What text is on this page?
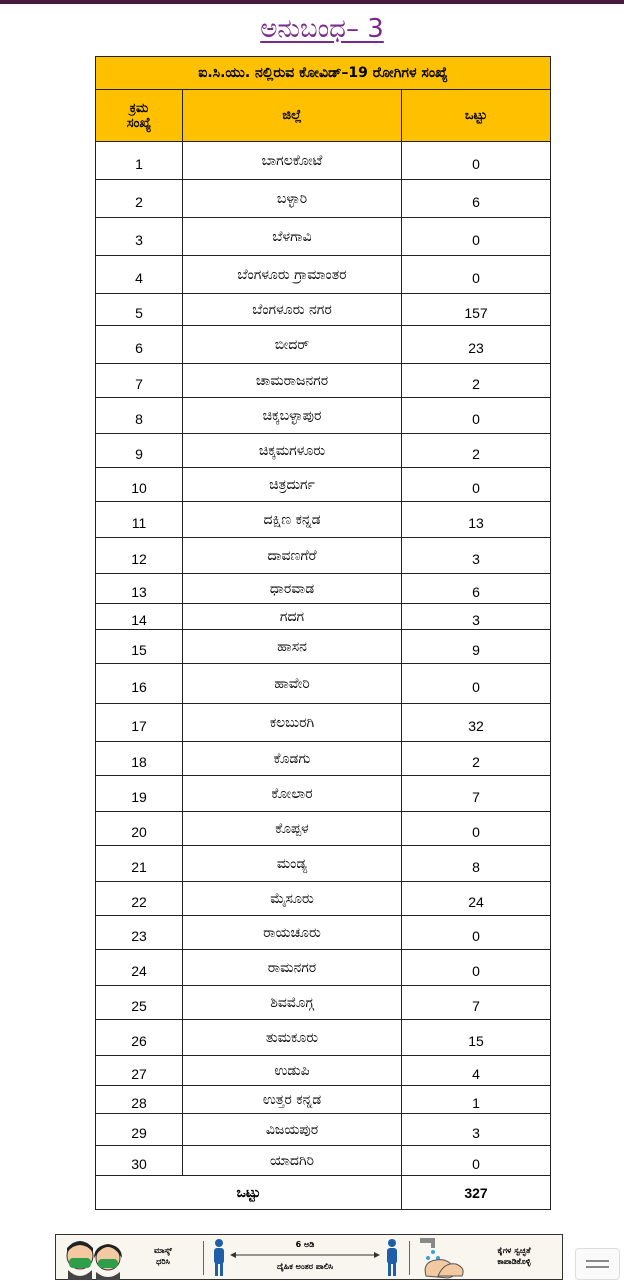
ಅನುಬಂಧ– 3
ಐ.ಸಿ.ಯು. ನಲ್ಲಿರುವ ಕೋವಿಡ್–19 ರೋಗಿಗಳ ಸಂಖ್ಯೆ		
ಕ್ರಮ
ಸಂಖ್ಯೆ	ಜಿಲ್ಲೆ	ಒಟ್ಟು
1	ಬಾಗಲಕೋಟೆ	0
2	ಬಳ್ಳಾರಿ	6
3	ಬೆಳಗಾವಿ	0
4	ಬೆಂಗಳೂರು ಗ್ರಾಮಾಂತರ	0
5	ಬೆಂಗಳೂರು ನಗರ	157
6	ಬೀದರ್	23
7	ಚಾಮರಾಜನಗರ	2
8	ಚಿಕ್ಕಬಳ್ಳಾಪುರ	0
9	ಚಿಕ್ಕಮಗಳೂರು	2
10	ಚಿತ್ರದುರ್ಗ	0
11	ದಕ್ಷಿಣ ಕನ್ನಡ	13
12	ದಾವಣಗೆರೆ	3
13	ಧಾರವಾಡ	6
14	ಗದಗ	3
15	ಹಾಸನ	9
16	ಹಾವೇರಿ	0
17	ಕಲಬುರಗಿ	32
18	ಕೊಡಗು	2
19	ಕೋಲಾರ	7
20	ಕೊಪ್ಪಳ	0
21	ಮಂಡ್ಯ	8
22	ಮೈಸೂರು	24
23	ರಾಯಚೂರು	0
24	ರಾಮನಗರ	0
25	ಶಿವಮೊಗ್ಗ	7
26	ತುಮಕೂರು	15
27	ಉಡುಪಿ	4
28	ಉತ್ತರ ಕನ್ನಡ	1
29	ವಿಜಯಪುರ	3
30	ಯಾದಗಿರಿ	0
ಒಟ್ಟು		327
ಮಾಸ್ಕ್
ಧರಿಸಿ
6 ಅಡಿ
ದೈಹಿಕ ಅಂತರ ಪಾಲಿಸಿ
ಕೈಗಳ ಸ್ವಚ್ಛತೆ
ಕಾಪಾಡಿಕೊಳ್ಳಿ
